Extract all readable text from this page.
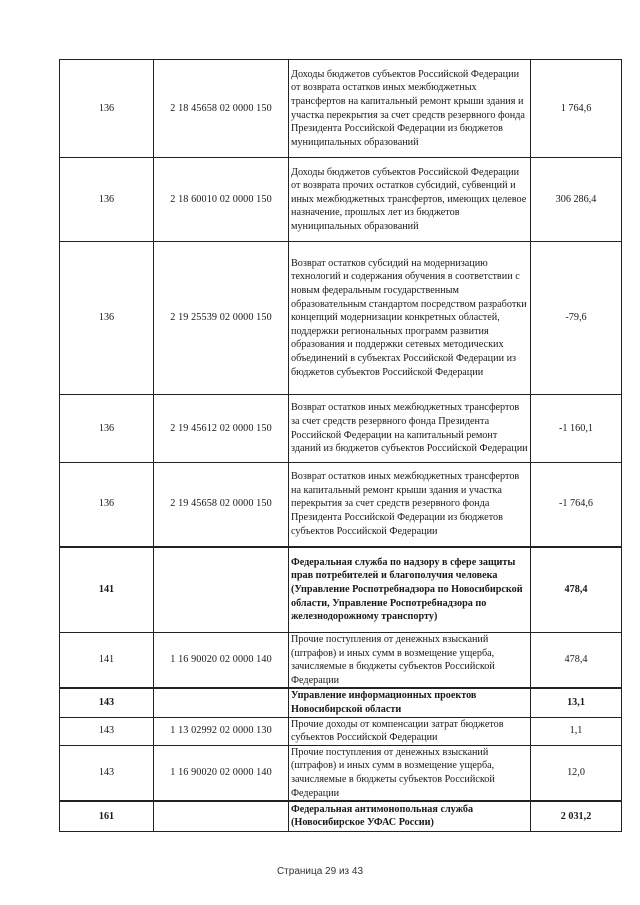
136	2 18 45658 02 0000 150	Доходы бюджетов субъектов Российской Федерации от возврата остатков иных межбюджетных трансфертов на капитальный ремонт крыши здания и участка перекрытия за счет средств резервного фонда Президента Российской Федерации из бюджетов муниципальных образований	1 764,6
136	2 18 60010 02 0000 150	Доходы бюджетов субъектов Российской Федерации от возврата прочих остатков субсидий, субвенций и иных межбюджетных трансфертов, имеющих целевое назначение, прошлых лет из бюджетов муниципальных образований	306 286,4
136	2 19 25539 02 0000 150	Возврат остатков субсидий на модернизацию технологий и содержания обучения в соответствии с новым федеральным государственным образовательным стандартом посредством разработки концепций модернизации конкретных областей, поддержки региональных программ развития образования и поддержки сетевых методических объединений в субъектах Российской Федерации из бюджетов субъектов Российской Федерации	-79,6
136	2 19 45612 02 0000 150	Возврат остатков иных межбюджетных трансфертов за счет средств резервного фонда Президента Российской Федерации на капитальный ремонт зданий из бюджетов субъектов Российской Федерации	-1 160,1
136	2 19 45658 02 0000 150	Возврат остатков иных межбюджетных трансфертов на капитальный ремонт крыши здания и участка перекрытия за счет средств резервного фонда Президента Российской Федерации из бюджетов субъектов Российской Федерации	-1 764,6
141		Федеральная служба по надзору в сфере защиты прав потребителей и благополучия человека (Управление Роспотребнадзора по Новосибирской области, Управление Роспотребнадзора по железнодорожному транспорту)	478,4
141	1 16 90020 02 0000 140	Прочие поступления от денежных взысканий (штрафов) и иных сумм в возмещение ущерба, зачисляемые в бюджеты субъектов Российской Федерации	478,4
143		Управление информационных проектов Новосибирской области	13,1
143	1 13 02992 02 0000 130	Прочие доходы от компенсации затрат бюджетов субъектов Российской Федерации	1,1
143	1 16 90020 02 0000 140	Прочие поступления от денежных взысканий (штрафов) и иных сумм в возмещение ущерба, зачисляемые в бюджеты субъектов Российской Федерации	12,0
161		Федеральная антимонопольная служба (Новосибирское УФАС России)	2 031,2
Страница 29 из 43
